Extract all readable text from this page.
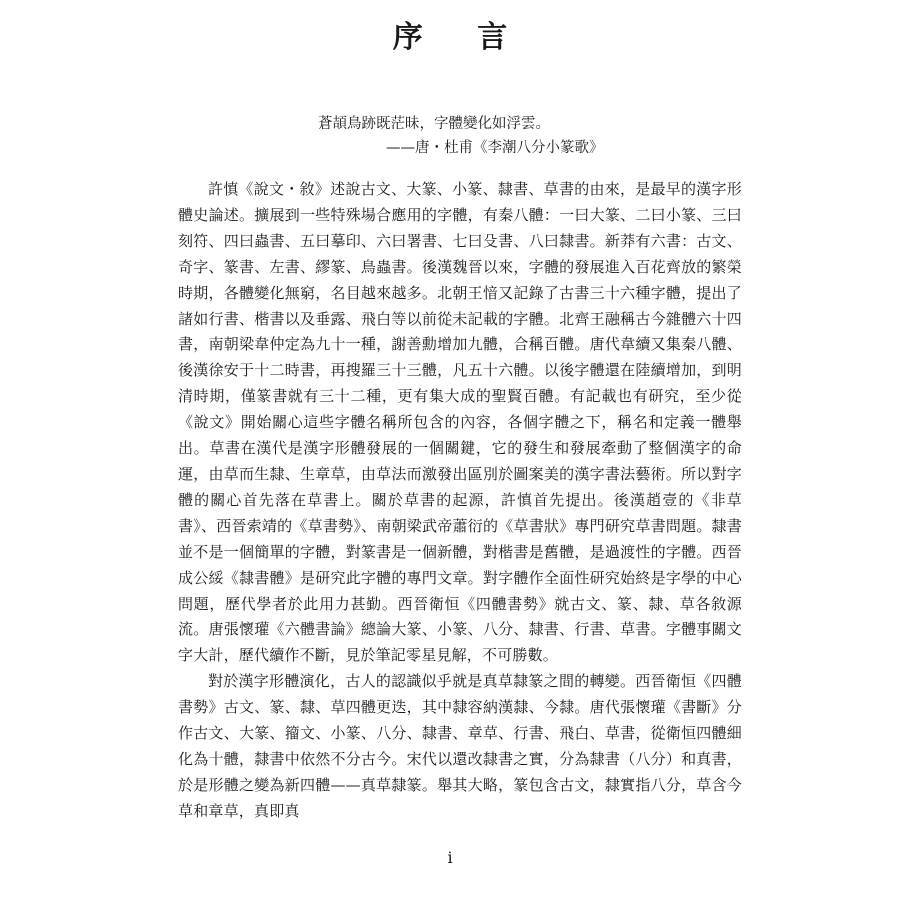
序 言
蒼頡鳥跡既茫昧，字體變化如浮雲。
——唐・杜甫《李潮八分小篆歌》

許慎《說文・敘》述說古文、大篆、小篆、隸書、草書的由來，是最早的漢字形體史論述。擴展到一些特殊場合應用的字體，有秦八體：一曰大篆、二曰小篆、三曰刻符、四曰蟲書、五曰摹印、六曰署書、七曰殳書、八曰隸書。新莽有六書：古文、奇字、篆書、左書、繆篆、鳥蟲書。後漢魏晉以來，字體的發展進入百花齊放的繁榮時期，各體變化無窮，名目越來越多。北朝王愔又記錄了古書三十六種字體，提出了諸如行書、楷書以及垂露、飛白等以前從未記載的字體。北齊王融稱古今雜體六十四書，南朝梁韋仲定為九十一種，謝善勳增加九體，合稱百體。唐代韋續又集秦八體、後漢徐安于十二時書，再搜羅三十三體，凡五十六體。以後字體還在陸續增加，到明清時期，僅篆書就有三十二種，更有集大成的聖賢百體。有記載也有研究，至少從《說文》開始關心這些字體名稱所包含的內容，各個字體之下，稱名和定義一體舉出。草書在漢代是漢字形體發展的一個關鍵，它的發生和發展牽動了整個漢字的命運，由草而生隸、生章草，由草法而激發出區別於圖案美的漢字書法藝術。所以對字體的關心首先落在草書上。關於草書的起源，許慎首先提出。後漢趙壹的《非草書》、西晉索靖的《草書勢》、南朝梁武帝蕭衍的《草書狀》專門研究草書問題。隸書並不是一個簡單的字體，對篆書是一個新體，對楷書是舊體，是過渡性的字體。西晉成公綏《隸書體》是研究此字體的專門文章。對字體作全面性研究始終是字學的中心問題，歷代學者於此用力甚勤。西晉衛恒《四體書勢》就古文、篆、隸、草各敘源流。唐張懷瓘《六體書論》總論大篆、小篆、八分、隸書、行書、草書。字體事關文字大計，歷代續作不斷，見於筆記零星見解，不可勝數。

對於漢字形體演化，古人的認識似乎就是真草隸篆之間的轉變。西晉衛恒《四體書勢》古文、篆、隸、草四體更迭，其中隸容納漢隸、今隸。唐代張懷瓘《書斷》分作古文、大篆、籀文、小篆、八分、隸書、章草、行書、飛白、草書，從衛恒四體細化為十體，隸書中依然不分古今。宋代以還改隸書之實，分為隸書（八分）和真書，於是形體之變為新四體——真草隸篆。舉其大略，篆包含古文，隸實指八分，草含今草和章草，真即真

i
